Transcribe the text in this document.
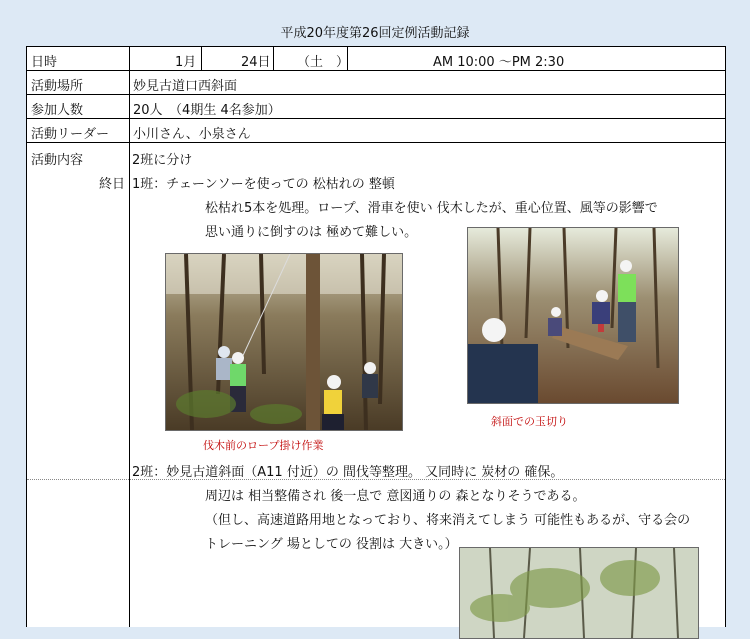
平成20年度第26回定例活動記録
日時	1月	24日 （土　）	AM 10:00 ～PM 2:30
活動場所	妙見古道口西斜面
参加人数	20人　（4期生 4名参加）
活動リーダー 小川さん、小泉さん
活動内容
終日
2班に分け
1班：チェーンソーを使っての 松枯れの 整頓
松枯れ5本を処理。ロープ、滑車を使い 伐木したが、重心位置、風等の影響で
思い通りに倒すのは 極めて難しい。
伐木前のロープ掛け作業
斜面での玉切り
2班：妙見古道斜面（A11 付近）の 間伐等整理。 又同時に 炭材の 確保。
周辺は 相当整備され 後一息で 意図通りの 森となりそうである。
（但し、高速道路用地となっており、将来消えてしまう 可能性もあるが、守る会の
トレーニング 場としての 役割は 大きい。）
